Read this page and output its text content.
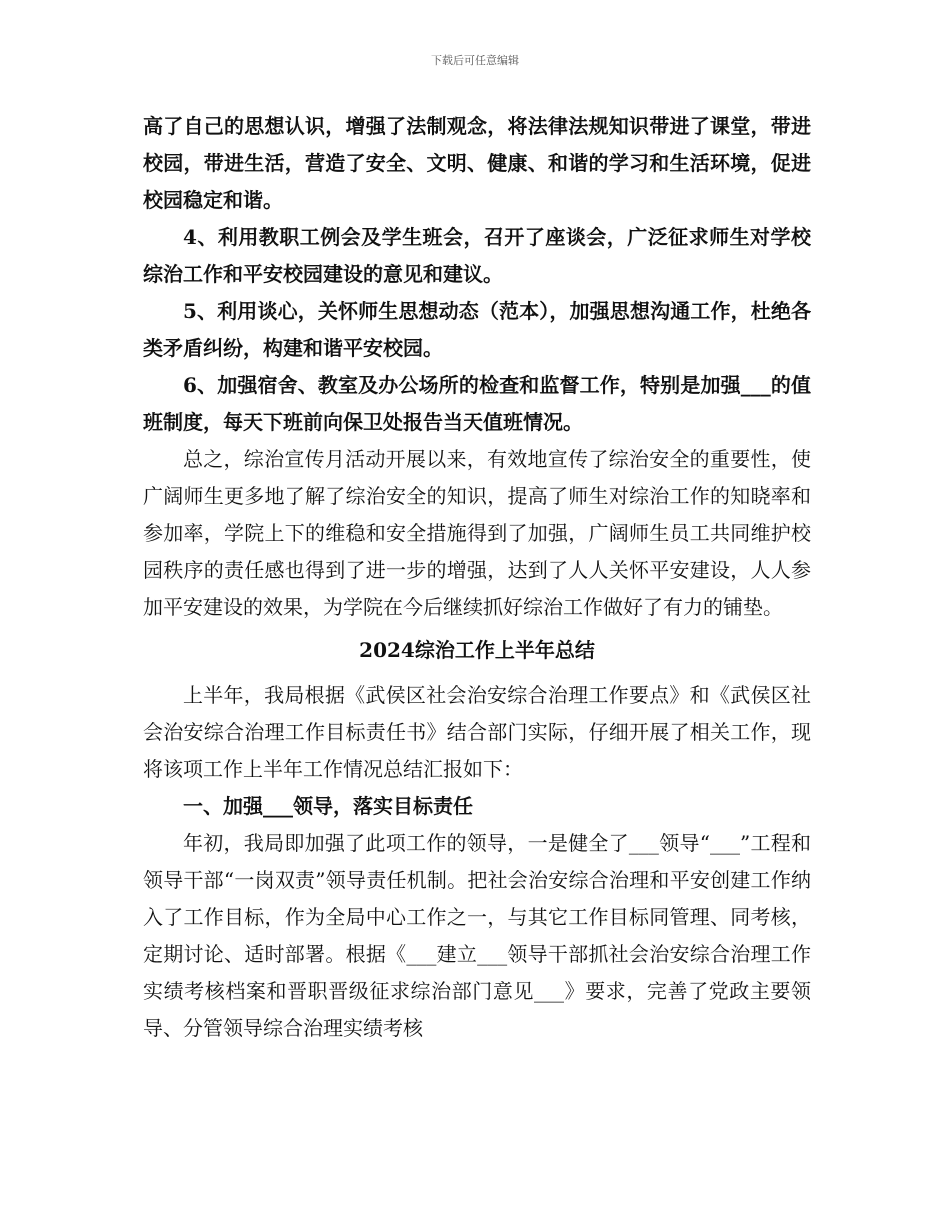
下载后可任意编辑

高了自己的思想认识，增强了法制观念，将法律法规知识带进了课堂，带进校园，带进生活，营造了安全、文明、健康、和谐的学习和生活环境，促进校园稳定和谐。

4、利用教职工例会及学生班会，召开了座谈会，广泛征求师生对学校综治工作和平安校园建设的意见和建议。

5、利用谈心，关怀师生思想动态（范本），加强思想沟通工作，杜绝各类矛盾纠纷，构建和谐平安校园。

6、加强宿舍、教室及办公场所的检查和监督工作，特别是加强___的值班制度，每天下班前向保卫处报告当天值班情况。

总之，综治宣传月活动开展以来，有效地宣传了综治安全的重要性，使广阔师生更多地了解了综治安全的知识，提高了师生对综治工作的知晓率和参加率，学院上下的维稳和安全措施得到了加强，广阔师生员工共同维护校园秩序的责任感也得到了进一步的增强，达到了人人关怀平安建设，人人参加平安建设的效果，为学院在今后继续抓好综治工作做好了有力的铺垫。

2024综治工作上半年总结

上半年，我局根据《武侯区社会治安综合治理工作要点》和《武侯区社会治安综合治理工作目标责任书》结合部门实际，仔细开展了相关工作，现将该项工作上半年工作情况总结汇报如下：

一、加强___领导，落实目标责任

年初，我局即加强了此项工作的领导，一是健全了___领导“___”工程和领导干部“一岗双责”领导责任机制。把社会治安综合治理和平安创建工作纳入了工作目标，作为全局中心工作之一，与其它工作目标同管理、同考核，定期讨论、适时部署。根据《___建立___领导干部抓社会治安综合治理工作实绩考核档案和晋职晋级征求综治部门意见___》要求，完善了党政主要领导、分管领导综合治理实绩考核
